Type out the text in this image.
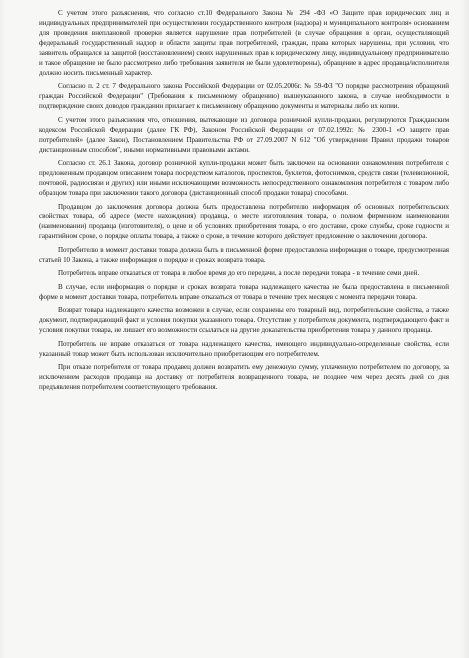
С учетом этого разъяснения, что согласно ст.10 Федерального Закона № 294 -ФЗ «О Защите прав юридических лиц и индивидуальных предпринимателей при осуществлении государственного контроля (надзора) и муниципального контроля» основанием для проведения внеплановой проверки является нарушение прав потребителей (в случае обращения в орган, осуществляющий федеральный государственный надзор в области защиты прав потребителей, граждан, права которых нарушены, при условии, что заявитель обращался за защитой (восстановлением) своих нарушенных прав к юридическому лицу, индивидуальному предпринимателю и такое обращение не было рассмотрено либо требования заявителя не были удовлетворены), обращение в адрес продавца/исполнителя должно носить письменный характер.

Согласно п. 2 ст. 7 Федерального закона Российской Федерации от 02.05.2006г. № 59-ФЗ "О порядке рассмотрения обращений граждан Российской Федерации" (Требования к письменному обращению) вышеуказанного закона, в случае необходимости в подтверждение своих доводов гражданин прилагает к письменному обращению документы и материалы либо их копии.

С учетом этого разъяснения что, отношения, вытекающие из договора розничной купли-продажи, регулируются Гражданским кодексом Российской Федерации (далее ГК РФ), Законом Российской Федерации от 07.02.1992г. № 2300-1 «О защите прав потребителей» (далее Закон), Постановлением Правительства РФ от 27.09.2007 N 612 "Об утверждении Правил продажи товаров дистанционным способом", иными нормативными правовыми актами.

Согласно ст. 26.1 Закона, договор розничной купли-продажи может быть заключен на основании ознакомления потребителя с предложенным продавцом описанием товара посредством каталогов, проспектов, буклетов, фотоснимков, средств связи (телевизионной, почтовой, радиосвязи и других) или иными исключающими возможность непосредственного ознакомления потребителя с товаром либо образцом товара при заключении такого договора (дистанционный способ продажи товара) способами.

Продавцом до заключения договора должна быть предоставлена потребителю информация об основных потребительских свойствах товара, об адресе (месте нахождения) продавца, о месте изготовления товара, о полном фирменном наименовании (наименовании) продавца (изготовителя), о цене и об условиях приобретения товара, о его доставке, сроке службы, сроке годности и гарантийном сроке, о порядке оплаты товара, а также о сроке, в течение которого действует предложение о заключении договора.

Потребителю в момент доставки товара должна быть в письменной форме предоставлена информация о товаре, предусмотренная статьей 10 Закона, а также информация о порядке и сроках возврата товара.

Потребитель вправе отказаться от товара в любое время до его передачи, а после передачи товара - в течение семи дней.

В случае, если информация о порядке и сроках возврата товара надлежащего качества не была предоставлена в письменной форме в момент доставки товара, потребитель вправе отказаться от товара в течение трех месяцев с момента передачи товара.

Возврат товара надлежащего качества возможен в случае, если сохранены его товарный вид, потребительские свойства, а также документ, подтверждающий факт и условия покупки указанного товара. Отсутствие у потребителя документа, подтверждающего факт и условия покупки товара, не лишает его возможности ссылаться на другие доказательства приобретения товара у данного продавца.

Потребитель не вправе отказаться от товара надлежащего качества, имеющего индивидуально-определенные свойства, если указанный товар может быть использован исключительно приобретающим его потребителем.

При отказе потребителя от товара продавец должен возвратить ему денежную сумму, уплаченную потребителем по договору, за исключением расходов продавца на доставку от потребителя возвращенного товара, не позднее чем через десять дней со дня предъявления потребителем соответствующего требования.
